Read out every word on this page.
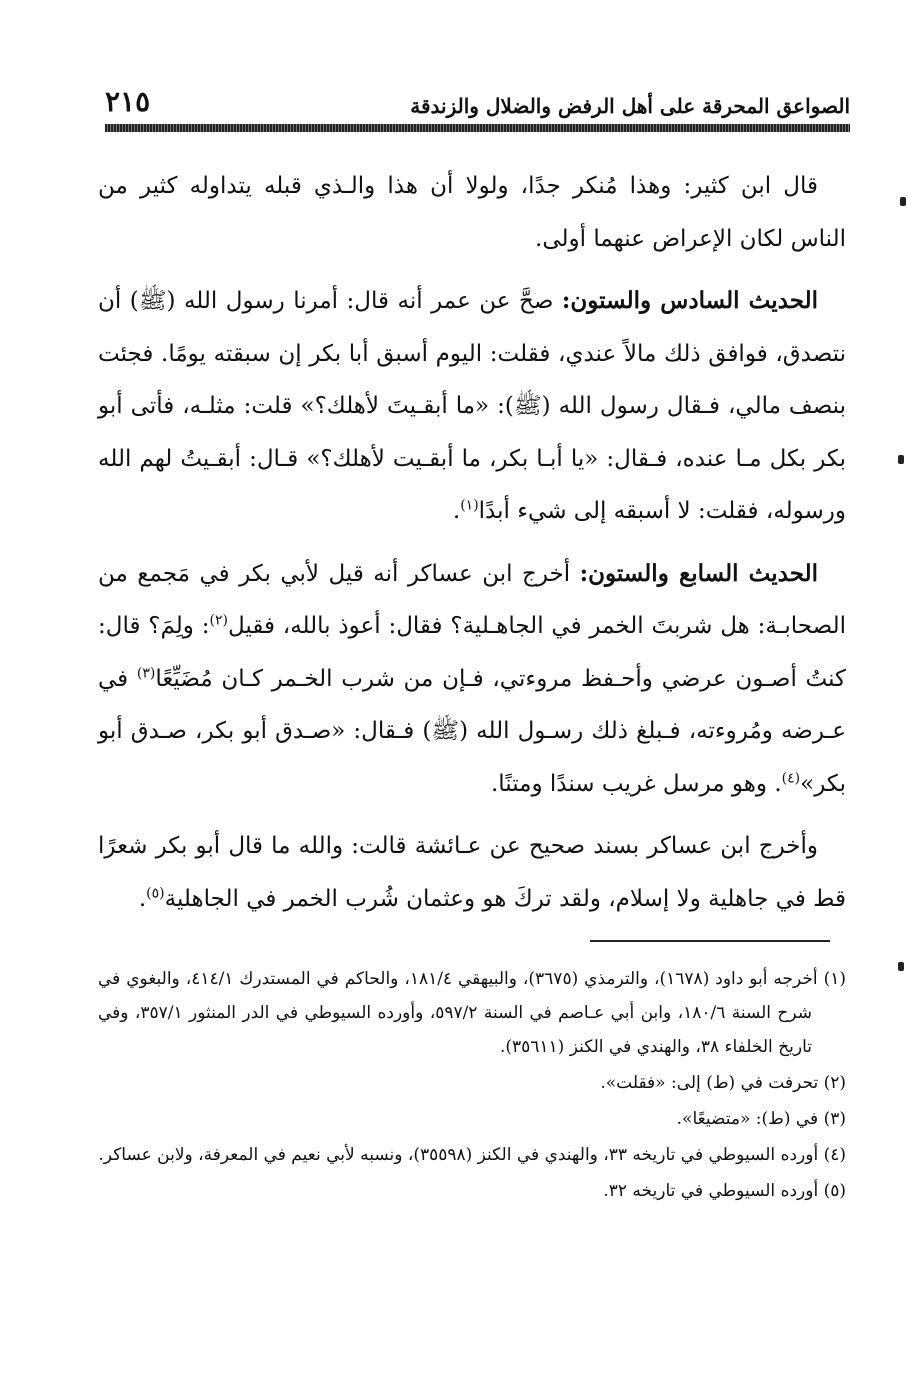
الصواعق المحرقة على أهل الرفض والضلال والزندقة
٢١٥

قال ابن كثير: وهذا مُنكر جدًا، ولولا أن هذا والـذي قبله يتداوله كثير من الناس لكان الإعراض عنهما أولى.

الحديث السادس والستون: صحَّ عن عمر أنه قال: أمرنا رسول الله (ﷺ) أن نتصدق، فوافق ذلك مالاً عندي، فقلت: اليوم أسبق أبا بكر إن سبقته يومًا. فجئت بنصف مالي، فـقال رسول الله (ﷺ): «ما أبقـيتَ لأهلك؟» قلت: مثلـه، فأتى أبو بكر بكل مـا عنده، فـقال: «يا أبـا بكر، ما أبقـيت لأهلك؟» قـال: أبقـيتُ لهم الله ورسوله، فقلت: لا أسبقه إلى شيء أبدًا$^{(١)}$.

الحديث السابع والستون: أخرج ابن عساكر أنه قيل لأبي بكر في مَجمع من الصحابـة: هل شربتَ الخمر في الجاهـلية؟ فقال: أعوذ بالله، فقيل$^{(٢)}$: ولِمَ؟ قال: كنتُ أصـون عرضي وأحـفظ مروءتي، فـإن من شرب الخـمر كـان مُضَيِّعًا$^{(٣)}$ في عـرضه ومُروءته، فـبلغ ذلك رسـول الله (ﷺ) فـقال: «صـدق أبو بكر، صـدق أبو بكر»$^{(٤)}$. وهو مرسل غريب سندًا ومتنًا.

وأخرج ابن عساكر بسند صحيح عن عـائشة قالت: والله ما قال أبو بكر شعرًا قط في جاهلية ولا إسلام، ولقد تركَ هو وعثمان شُرب الخمر في الجاهلية$^{(٥)}$.

(١) أخرجه أبو داود (١٦٧٨)، والترمذي (٣٦٧٥)، والبيهقي ١٨١/٤، والحاكم في المستدرك ٤١٤/١، والبغوي في شرح السنة ١٨٠/٦، وابن أبي عـاصم في السنة ٥٩٧/٢، وأورده السيوطي في الدر المنثور ٣٥٧/١، وفي تاريخ الخلفاء ٣٨، والهندي في الكنز (٣٥٦١١).

(٢) تحرفت في (ط) إلى: «فقلت».

(٣) في (ط): «متضيعًا».

(٤) أورده السيوطي في تاريخه ٣٣، والهندي في الكنز (٣٥٥٩٨)، ونسبه لأبي نعيم في المعرفة، ولابن عساكر.

(٥) أورده السيوطي في تاريخه ٣٢.
